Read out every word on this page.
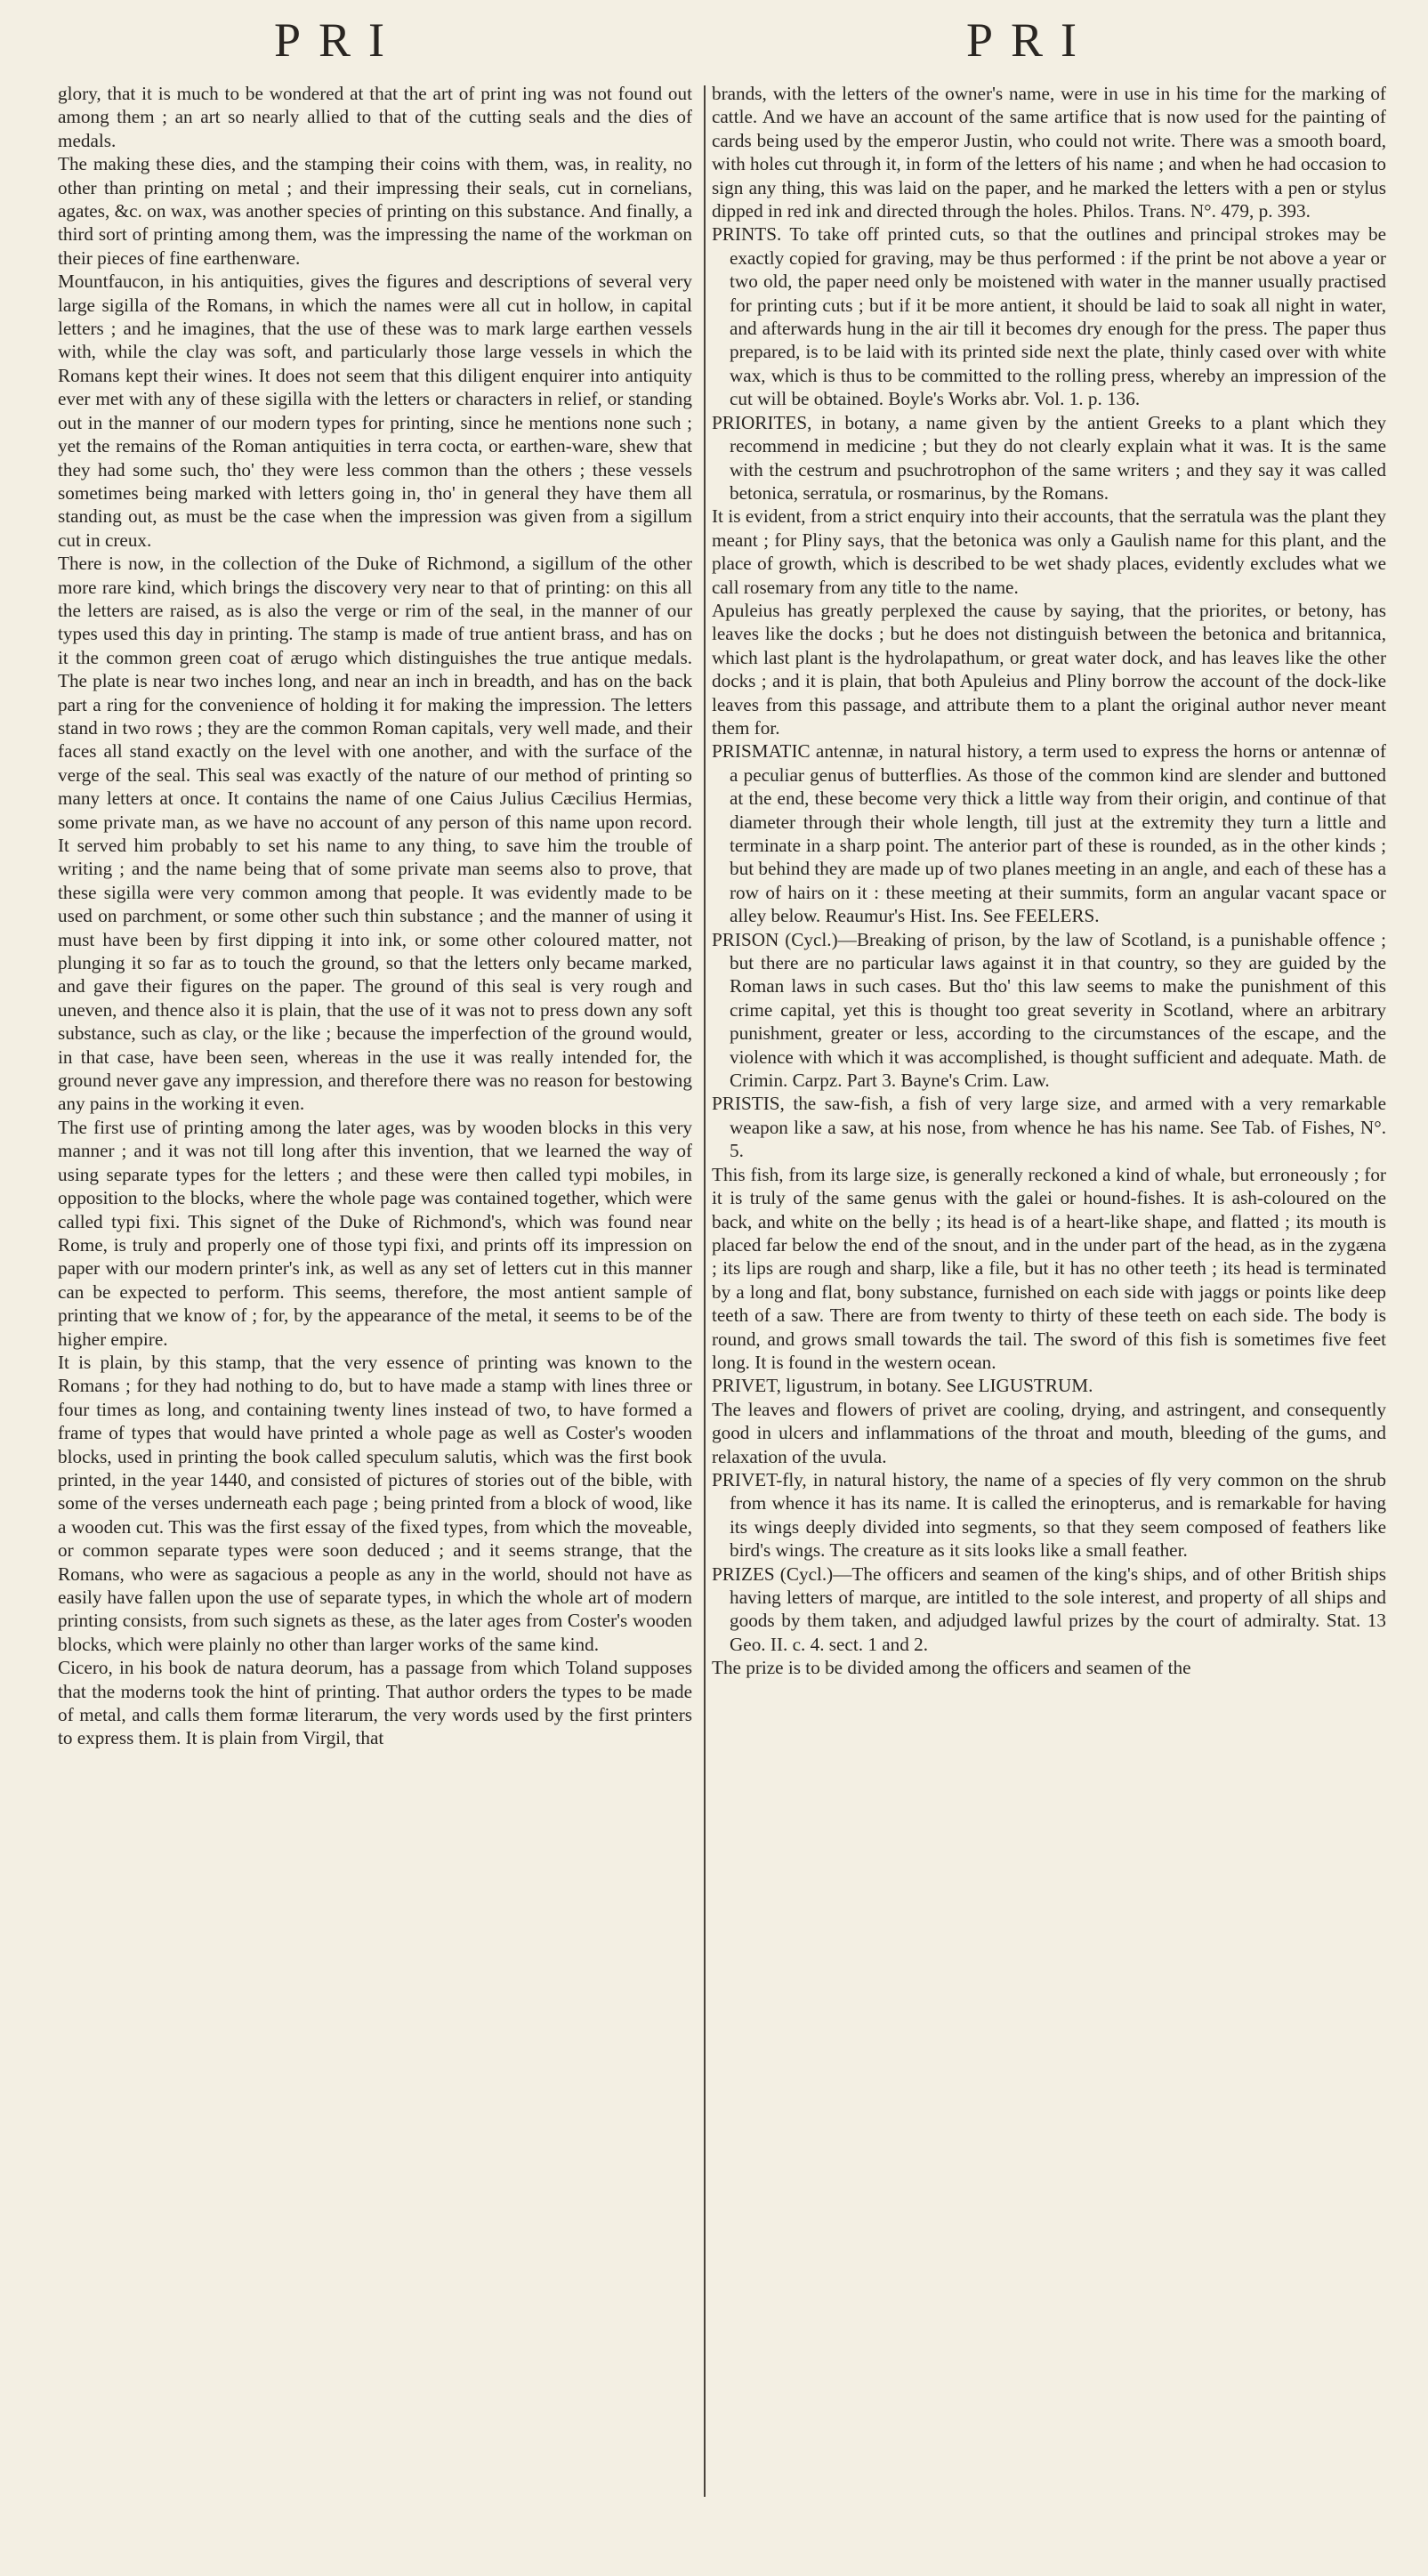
PRI	PRI

glory, that it is much to be wondered at that the art of print ing was not found out among them ; an art so nearly allied to that of the cutting seals and the dies of medals.

The making these dies, and the stamping their coins with them, was, in reality, no other than printing on metal ; and their impressing their seals, cut in cornelians, agates, &c. on wax, was another species of printing on this substance. And finally, a third sort of printing among them, was the impressing the name of the workman on their pieces of fine earthenware.

Mountfaucon, in his antiquities, gives the figures and descriptions of several very large sigilla of the Romans, in which the names were all cut in hollow, in capital letters ; and he imagines, that the use of these was to mark large earthen vessels with, while the clay was soft, and particularly those large vessels in which the Romans kept their wines. It does not seem that this diligent enquirer into antiquity ever met with any of these sigilla with the letters or characters in relief, or standing out in the manner of our modern types for printing, since he mentions none such ; yet the remains of the Roman antiquities in terra cocta, or earthen-ware, shew that they had some such, tho' they were less common than the others ; these vessels sometimes being marked with letters going in, tho' in general they have them all standing out, as must be the case when the impression was given from a sigillum cut in creux.

There is now, in the collection of the Duke of Richmond, a sigillum of the other more rare kind, which brings the discovery very near to that of printing: on this all the letters are raised, as is also the verge or rim of the seal, in the manner of our types used this day in printing. The stamp is made of true antient brass, and has on it the common green coat of ærugo which distinguishes the true antique medals. The plate is near two inches long, and near an inch in breadth, and has on the back part a ring for the convenience of holding it for making the impression. The letters stand in two rows ; they are the common Roman capitals, very well made, and their faces all stand exactly on the level with one another, and with the surface of the verge of the seal. This seal was exactly of the nature of our method of printing so many letters at once. It contains the name of one Caius Julius Cæcilius Hermias, some private man, as we have no account of any person of this name upon record. It served him probably to set his name to any thing, to save him the trouble of writing ; and the name being that of some private man seems also to prove, that these sigilla were very common among that people. It was evidently made to be used on parchment, or some other such thin substance ; and the manner of using it must have been by first dipping it into ink, or some other coloured matter, not plunging it so far as to touch the ground, so that the letters only became marked, and gave their figures on the paper. The ground of this seal is very rough and uneven, and thence also it is plain, that the use of it was not to press down any soft substance, such as clay, or the like ; because the imperfection of the ground would, in that case, have been seen, whereas in the use it was really intended for, the ground never gave any impression, and therefore there was no reason for bestowing any pains in the working it even.

The first use of printing among the later ages, was by wooden blocks in this very manner ; and it was not till long after this invention, that we learned the way of using separate types for the letters ; and these were then called typi mobiles, in opposition to the blocks, where the whole page was contained together, which were called typi fixi. This signet of the Duke of Richmond's, which was found near Rome, is truly and properly one of those typi fixi, and prints off its impression on paper with our modern printer's ink, as well as any set of letters cut in this manner can be expected to perform. This seems, therefore, the most antient sample of printing that we know of ; for, by the appearance of the metal, it seems to be of the higher empire.

It is plain, by this stamp, that the very essence of printing was known to the Romans ; for they had nothing to do, but to have made a stamp with lines three or four times as long, and containing twenty lines instead of two, to have formed a frame of types that would have printed a whole page as well as Coster's wooden blocks, used in printing the book called speculum salutis, which was the first book printed, in the year 1440, and consisted of pictures of stories out of the bible, with some of the verses underneath each page ; being printed from a block of wood, like a wooden cut. This was the first essay of the fixed types, from which the moveable, or common separate types were soon deduced ; and it seems strange, that the Romans, who were as sagacious a people as any in the world, should not have as easily have fallen upon the use of separate types, in which the whole art of modern printing consists, from such signets as these, as the later ages from Coster's wooden blocks, which were plainly no other than larger works of the same kind.

Cicero, in his book de natura deorum, has a passage from which Toland supposes that the moderns took the hint of printing. That author orders the types to be made of metal, and calls them formæ literarum, the very words used by the first printers to express them. It is plain from Virgil, that

brands, with the letters of the owner's name, were in use in his time for the marking of cattle. And we have an account of the same artifice that is now used for the painting of cards being used by the emperor Justin, who could not write. There was a smooth board, with holes cut through it, in form of the letters of his name ; and when he had occasion to sign any thing, this was laid on the paper, and he marked the letters with a pen or stylus dipped in red ink and directed through the holes. Philos. Trans. N°. 479, p. 393.

PRINTS. To take off printed cuts, so that the outlines and principal strokes may be exactly copied for graving, may be thus performed : if the print be not above a year or two old, the paper need only be moistened with water in the manner usually practised for printing cuts ; but if it be more antient, it should be laid to soak all night in water, and afterwards hung in the air till it becomes dry enough for the press. The paper thus prepared, is to be laid with its printed side next the plate, thinly cased over with white wax, which is thus to be committed to the rolling press, whereby an impression of the cut will be obtained. Boyle's Works abr. Vol. 1. p. 136.

PRIORITES, in botany, a name given by the antient Greeks to a plant which they recommend in medicine ; but they do not clearly explain what it was. It is the same with the cestrum and psuchrotrophon of the same writers ; and they say it was called betonica, serratula, or rosmarinus, by the Romans.

It is evident, from a strict enquiry into their accounts, that the serratula was the plant they meant ; for Pliny says, that the betonica was only a Gaulish name for this plant, and the place of growth, which is described to be wet shady places, evidently excludes what we call rosemary from any title to the name.

Apuleius has greatly perplexed the cause by saying, that the priorites, or betony, has leaves like the docks ; but he does not distinguish between the betonica and britannica, which last plant is the hydrolapathum, or great water dock, and has leaves like the other docks ; and it is plain, that both Apuleius and Pliny borrow the account of the dock-like leaves from this passage, and attribute them to a plant the original author never meant them for.

PRISMATIC antennæ, in natural history, a term used to express the horns or antennæ of a peculiar genus of butterflies. As those of the common kind are slender and buttoned at the end, these become very thick a little way from their origin, and continue of that diameter through their whole length, till just at the extremity they turn a little and terminate in a sharp point. The anterior part of these is rounded, as in the other kinds ; but behind they are made up of two planes meeting in an angle, and each of these has a row of hairs on it : these meeting at their summits, form an angular vacant space or alley below. Reaumur's Hist. Ins. See FEELERS.

PRISON (Cycl.)—Breaking of prison, by the law of Scotland, is a punishable offence ; but there are no particular laws against it in that country, so they are guided by the Roman laws in such cases. But tho' this law seems to make the punishment of this crime capital, yet this is thought too great severity in Scotland, where an arbitrary punishment, greater or less, according to the circumstances of the escape, and the violence with which it was accomplished, is thought sufficient and adequate. Math. de Crimin. Carpz. Part 3. Bayne's Crim. Law.

PRISTIS, the saw-fish, a fish of very large size, and armed with a very remarkable weapon like a saw, at his nose, from whence he has his name. See Tab. of Fishes, N°. 5.

This fish, from its large size, is generally reckoned a kind of whale, but erroneously ; for it is truly of the same genus with the galei or hound-fishes. It is ash-coloured on the back, and white on the belly ; its head is of a heart-like shape, and flatted ; its mouth is placed far below the end of the snout, and in the under part of the head, as in the zygæna ; its lips are rough and sharp, like a file, but it has no other teeth ; its head is terminated by a long and flat, bony substance, furnished on each side with jaggs or points like deep teeth of a saw. There are from twenty to thirty of these teeth on each side. The body is round, and grows small towards the tail. The sword of this fish is sometimes five feet long. It is found in the western ocean.

PRIVET, ligustrum, in botany. See LIGUSTRUM.

The leaves and flowers of privet are cooling, drying, and astringent, and consequently good in ulcers and inflammations of the throat and mouth, bleeding of the gums, and relaxation of the uvula.

PRIVET-fly, in natural history, the name of a species of fly very common on the shrub from whence it has its name. It is called the erinopterus, and is remarkable for having its wings deeply divided into segments, so that they seem composed of feathers like bird's wings. The creature as it sits looks like a small feather.

PRIZES (Cycl.)—The officers and seamen of the king's ships, and of other British ships having letters of marque, are intitled to the sole interest, and property of all ships and goods by them taken, and adjudged lawful prizes by the court of admiralty. Stat. 13 Geo. II. c. 4. sect. 1 and 2.

The prize is to be divided among the officers and seamen of the
